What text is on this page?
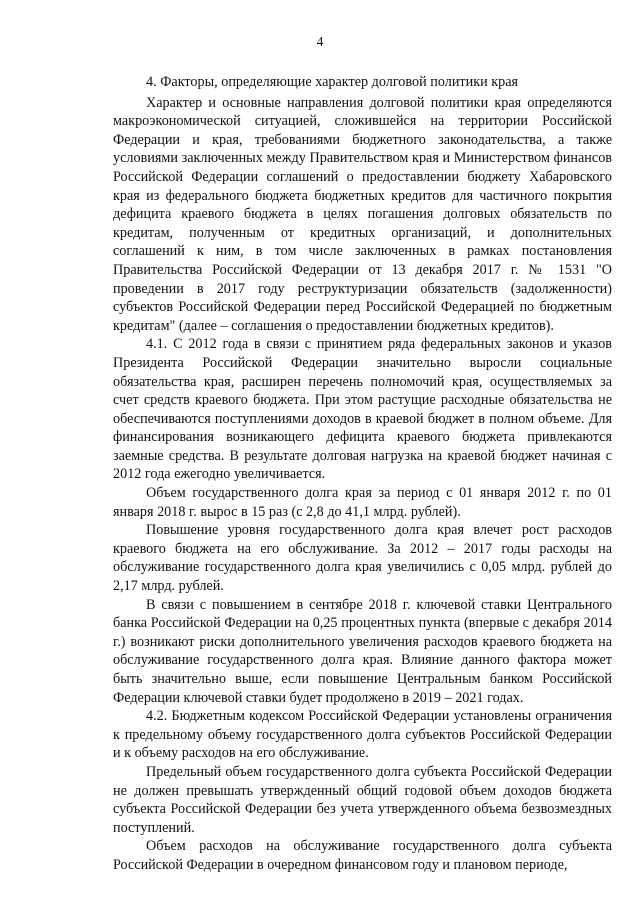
4
4. Факторы, определяющие характер долговой политики края

Характер и основные направления долговой политики края определяются макроэкономической ситуацией, сложившейся на территории Российской Федерации и края, требованиями бюджетного законодательства, а также условиями заключенных между Правительством края и Министерством финансов Российской Федерации соглашений о предоставлении бюджету Хабаровского края из федерального бюджета бюджетных кредитов для частичного покрытия дефицита краевого бюджета в целях погашения долговых обязательств по кредитам, полученным от кредитных организаций, и дополнительных соглашений к ним, в том числе заключенных в рамках постановления Правительства Российской Федерации от 13 декабря 2017 г. № 1531 "О проведении в 2017 году реструктуризации обязательств (задолженности) субъектов Российской Федерации перед Российской Федерацией по бюджетным кредитам" (далее – соглашения о предоставлении бюджетных кредитов).

4.1. С 2012 года в связи с принятием ряда федеральных законов и указов Президента Российской Федерации значительно выросли социальные обязательства края, расширен перечень полномочий края, осуществляемых за счет средств краевого бюджета. При этом растущие расходные обязательства не обеспечиваются поступлениями доходов в краевой бюджет в полном объеме. Для финансирования возникающего дефицита краевого бюджета привлекаются заемные средства. В результате долговая нагрузка на краевой бюджет начиная с 2012 года ежегодно увеличивается.

Объем государственного долга края за период с 01 января 2012 г. по 01 января 2018 г. вырос в 15 раз (с 2,8 до 41,1 млрд. рублей).

Повышение уровня государственного долга края влечет рост расходов краевого бюджета на его обслуживание. За 2012 – 2017 годы расходы на обслуживание государственного долга края увеличились с 0,05 млрд. рублей до 2,17 млрд. рублей.

В связи с повышением в сентябре 2018 г. ключевой ставки Центрального банка Российской Федерации на 0,25 процентных пункта (впервые с декабря 2014 г.) возникают риски дополнительного увеличения расходов краевого бюджета на обслуживание государственного долга края. Влияние данного фактора может быть значительно выше, если повышение Центральным банком Российской Федерации ключевой ставки будет продолжено в 2019 – 2021 годах.

4.2. Бюджетным кодексом Российской Федерации установлены ограничения к предельному объему государственного долга субъектов Российской Федерации и к объему расходов на его обслуживание.

Предельный объем государственного долга субъекта Российской Федерации не должен превышать утвержденный общий годовой объем доходов бюджета субъекта Российской Федерации без учета утвержденного объема безвозмездных поступлений.

Объем расходов на обслуживание государственного долга субъекта Российской Федерации в очередном финансовом году и плановом периоде,
